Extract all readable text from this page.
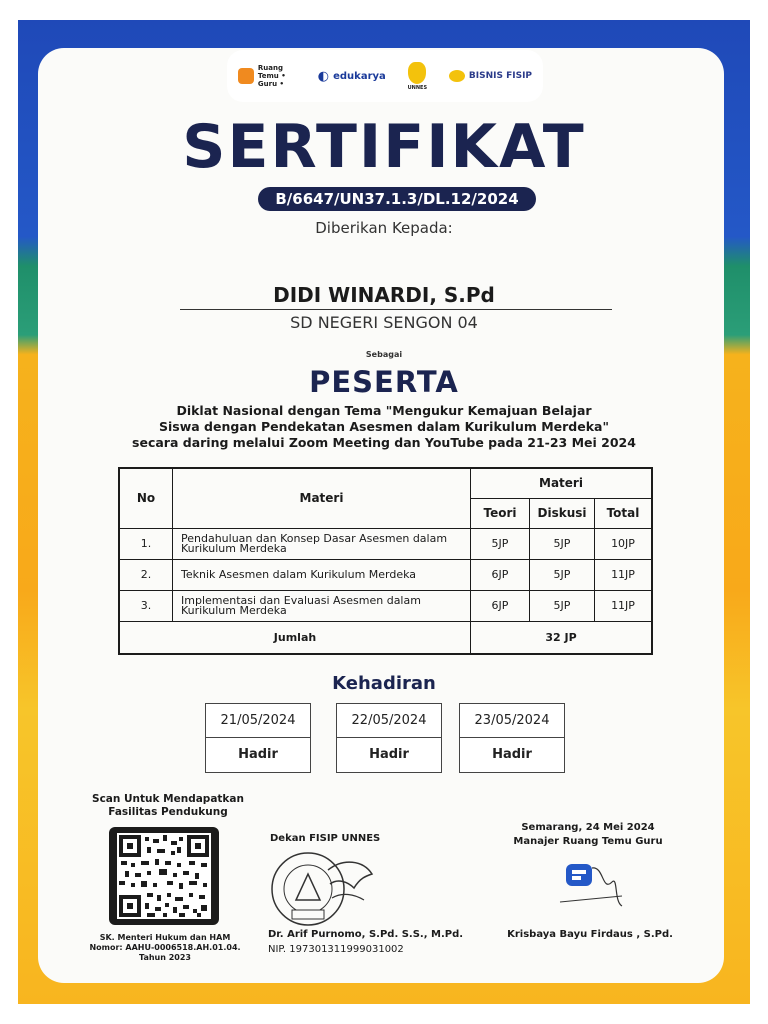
Ruang Temu • Guru •
◐ edukarya
UNNES
BISNIS FISIP
SERTIFIKAT
B/6647/UN37.1.3/DL.12/2024
Diberikan Kepada:
DIDI WINARDI, S.Pd
SD NEGERI SENGON 04
Sebagai
PESERTA
Diklat Nasional dengan Tema "Mengukur Kemajuan Belajar
Siswa dengan Pendekatan Asesmen dalam Kurikulum Merdeka"
secara daring melalui Zoom Meeting dan YouTube pada 21-23 Mei 2024
No	Materi	Materi		
		Teori	Diskusi	Total
1.	Pendahuluan dan Konsep Dasar Asesmen dalam Kurikulum Merdeka	5JP	5JP	10JP
2.	Teknik Asesmen dalam Kurikulum Merdeka	6JP	5JP	11JP
3.	Implementasi dan Evaluasi Asesmen dalam Kurikulum Merdeka	6JP	5JP	11JP
Jumlah		32 JP		
Kehadiran
21/05/2024
Hadir
22/05/2024
Hadir
23/05/2024
Hadir
Scan Untuk Mendapatkan
Fasilitas Pendukung
SK. Menteri Hukum dan HAM
Nomor: AAHU-0006518.AH.01.04.
Tahun 2023
Dekan FISIP UNNES
Dr. Arif Purnomo, S.Pd. S.S., M.Pd.
NIP. 197301311999031002
Semarang, 24 Mei 2024
Manajer Ruang Temu Guru
Krisbaya Bayu Firdaus , S.Pd.
